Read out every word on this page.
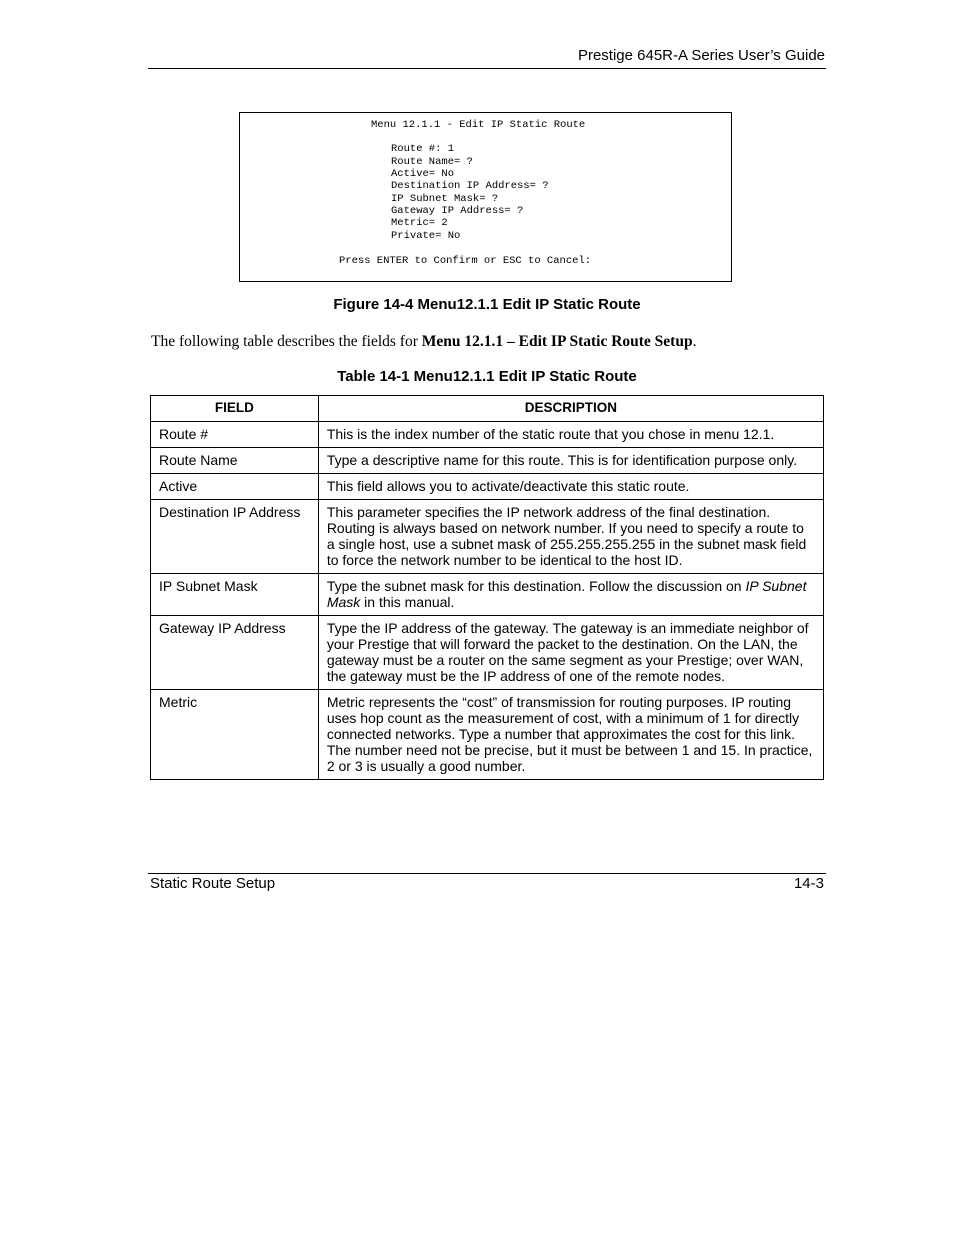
Prestige 645R-A Series User’s Guide
Menu 12.1.1 - Edit IP Static Route
Route #: 1
Route Name= ?
Active= No
Destination IP Address= ?
IP Subnet Mask= ?
Gateway IP Address= ?
Metric= 2
Private= No
Press ENTER to Confirm or ESC to Cancel:
Figure 14-4 Menu12.1.1 Edit IP Static Route
The following table describes the fields for Menu 12.1.1 – Edit IP Static Route Setup.
Table 14-1 Menu12.1.1 Edit IP Static Route
FIELD	DESCRIPTION
Route #	This is the index number of the static route that you chose in menu 12.1.
Route Name	Type a descriptive name for this route. This is for identification purpose only.
Active	This field allows you to activate/deactivate this static route.
Destination IP Address	This parameter specifies the IP network address of the final destination. Routing is always based on network number. If you need to specify a route to a single host, use a subnet mask of 255.255.255.255 in the subnet mask field to force the network number to be identical to the host ID.
IP Subnet Mask	Type the subnet mask for this destination. Follow the discussion on IP Subnet Mask in this manual.
Gateway IP Address	Type the IP address of the gateway. The gateway is an immediate neighbor of your Prestige that will forward the packet to the destination. On the LAN, the gateway must be a router on the same segment as your Prestige; over WAN, the gateway must be the IP address of one of the remote nodes.
Metric	Metric represents the “cost” of transmission for routing purposes. IP routing uses hop count as the measurement of cost, with a minimum of 1 for directly connected networks. Type a number that approximates the cost for this link. The number need not be precise, but it must be between 1 and 15. In practice, 2 or 3 is usually a good number.
Static Route Setup	14-3
